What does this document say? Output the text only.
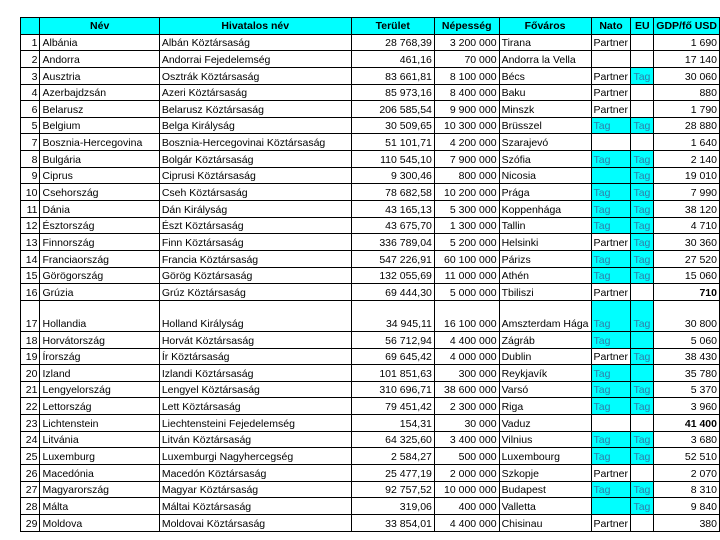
	Név	Hivatalos név	Terület	Népesség	Főváros	Nato	EU	GDP/fő USD
1	Albánia	Albán Köztársaság	28 768,39	3 200 000	Tirana	Partner		1 690
2	Andorra	Andorrai Fejedelemség	461,16	70 000	Andorra la Vella			17 140
3	Ausztria	Osztrák Köztársaság	83 661,81	8 100 000	Bécs	Partner	Tag	30 060
4	Azerbajdzsán	Azeri Köztársaság	85 973,16	8 400 000	Baku	Partner		880
6	Belarusz	Belarusz Köztársaság	206 585,54	9 900 000	Minszk	Partner		1 790
5	Belgium	Belga Királyság	30 509,65	10 300 000	Brüsszel	Tag	Tag	28 880
7	Bosznia-Hercegovina	Bosznia-Hercegovinai Köztársaság	51 101,71	4 200 000	Szarajevó			1 640
8	Bulgária	Bolgár Köztársaság	110 545,10	7 900 000	Szófia	Tag	Tag	2 140
9	Ciprus	Ciprusi Köztársaság	9 300,46	800 000	Nicosia		Tag	19 010
10	Csehország	Cseh Köztársaság	78 682,58	10 200 000	Prága	Tag	Tag	7 990
11	Dánia	Dán Királyság	43 165,13	5 300 000	Koppenhága	Tag	Tag	38 120
12	Észtország	Észt Köztársaság	43 675,70	1 300 000	Tallin	Tag	Tag	4 710
13	Finnország	Finn Köztársaság	336 789,04	5 200 000	Helsinki	Partner	Tag	30 360
14	Franciaország	Francia Köztársaság	547 226,91	60 100 000	Párizs	Tag	Tag	27 520
15	Görögország	Görög Köztársaság	132 055,69	11 000 000	Athén	Tag	Tag	15 060
16	Grúzia	Grúz Köztársaság	69 444,30	5 000 000	Tbiliszi	Partner		710
17	Hollandia	Holland Királyság	34 945,11	16 100 000	Amszterdam Hága	Tag	Tag	30 800
18	Horvátország	Horvát Köztársaság	56 712,94	4 400 000	Zágráb	Tag		5 060
19	Írország	Ír Köztársaság	69 645,42	4 000 000	Dublin	Partner	Tag	38 430
20	Izland	Izlandi Köztársaság	101 851,63	300 000	Reykjavík	Tag		35 780
21	Lengyelország	Lengyel Köztársaság	310 696,71	38 600 000	Varsó	Tag	Tag	5 370
22	Lettország	Lett Köztársaság	79 451,42	2 300 000	Riga	Tag	Tag	3 960
23	Lichtenstein	Liechtensteini Fejedelemség	154,31	30 000	Vaduz			41 400
24	Litvánia	Litván Köztársaság	64 325,60	3 400 000	Vilnius	Tag	Tag	3 680
25	Luxemburg	Luxemburgi Nagyhercegség	2 584,27	500 000	Luxembourg	Tag	Tag	52 510
26	Macedónia	Macedón Köztársaság	25 477,19	2 000 000	Szkopje	Partner		2 070
27	Magyarország	Magyar Köztársaság	92 757,52	10 000 000	Budapest	Tag	Tag	8 310
28	Málta	Máltai Köztársaság	319,06	400 000	Valletta		Tag	9 840
29	Moldova	Moldovai Köztársaság	33 854,01	4 400 000	Chisinau	Partner		380
